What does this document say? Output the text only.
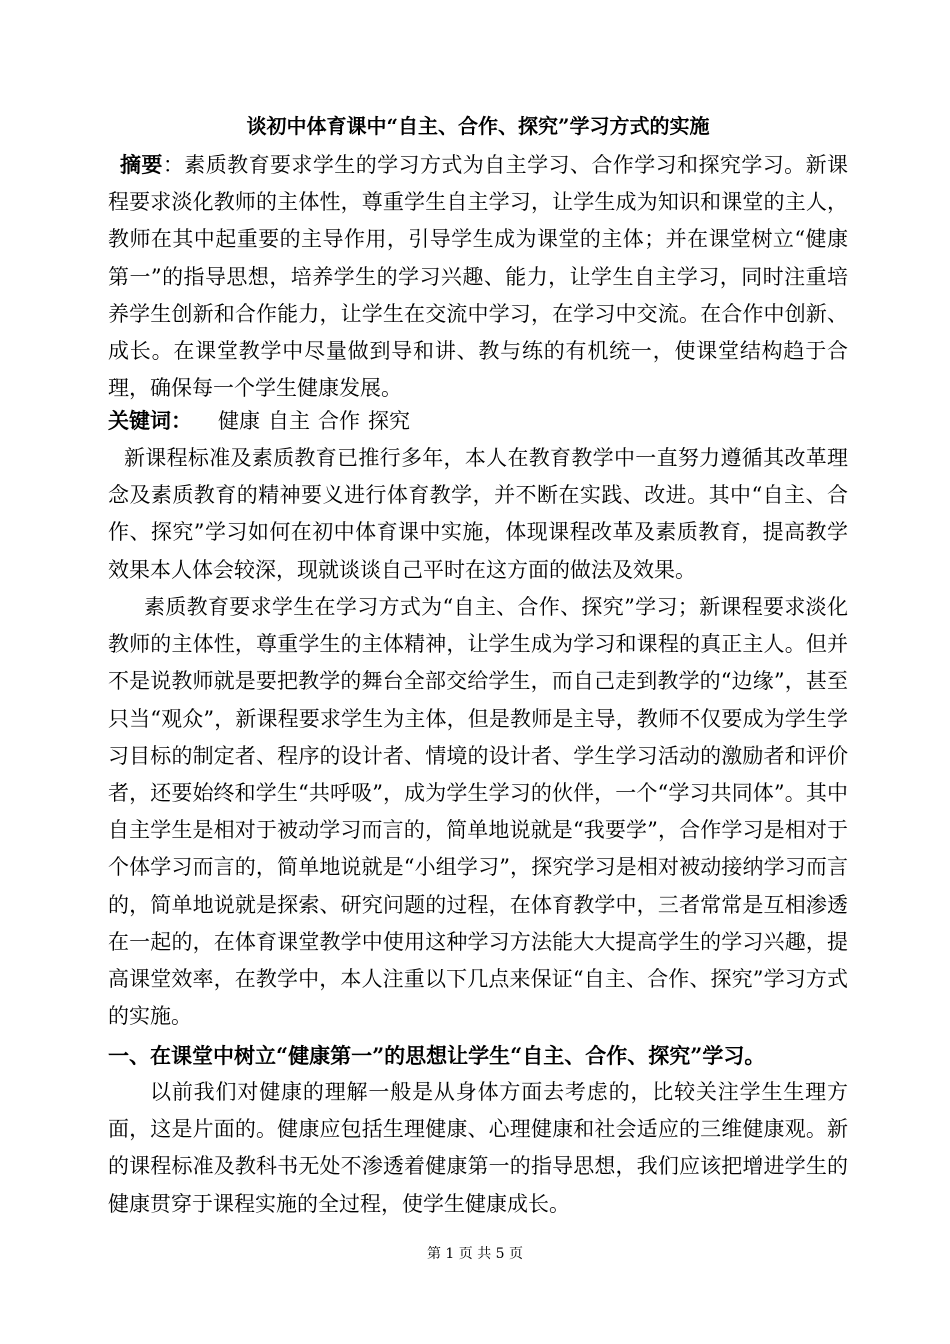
谈初中体育课中“自主、合作、探究”学习方式的实施
摘要：素质教育要求学生的学习方式为自主学习、合作学习和探究学习。新课程要求淡化教师的主体性，尊重学生自主学习，让学生成为知识和课堂的主人，教师在其中起重要的主导作用，引导学生成为课堂的主体；并在课堂树立“健康第一”的指导思想，培养学生的学习兴趣、能力，让学生自主学习，同时注重培养学生创新和合作能力，让学生在交流中学习，在学习中交流。在合作中创新、成长。在课堂教学中尽量做到导和讲、教与练的有机统一，使课堂结构趋于合理，确保每一个学生健康发展。
关键词： 健康 自主 合作 探究
新课程标准及素质教育已推行多年，本人在教育教学中一直努力遵循其改革理念及素质教育的精神要义进行体育教学，并不断在实践、改进。其中“自主、合作、探究”学习如何在初中体育课中实施，体现课程改革及素质教育，提高教学效果本人体会较深，现就谈谈自己平时在这方面的做法及效果。
素质教育要求学生在学习方式为“自主、合作、探究”学习；新课程要求淡化教师的主体性，尊重学生的主体精神，让学生成为学习和课程的真正主人。但并不是说教师就是要把教学的舞台全部交给学生，而自己走到教学的“边缘”，甚至只当“观众”，新课程要求学生为主体，但是教师是主导，教师不仅要成为学生学习目标的制定者、程序的设计者、情境的设计者、学生学习活动的激励者和评价者，还要始终和学生“共呼吸”，成为学生学习的伙伴，一个“学习共同体”。其中自主学生是相对于被动学习而言的，简单地说就是“我要学”，合作学习是相对于个体学习而言的，简单地说就是“小组学习”，探究学习是相对被动接纳学习而言的，简单地说就是探索、研究问题的过程，在体育教学中，三者常常是互相渗透在一起的，在体育课堂教学中使用这种学习方法能大大提高学生的学习兴趣，提高课堂效率，在教学中，本人注重以下几点来保证“自主、合作、探究”学习方式的实施。
一、在课堂中树立“健康第一”的思想让学生“自主、合作、探究”学习。
以前我们对健康的理解一般是从身体方面去考虑的，比较关注学生生理方面，这是片面的。健康应包括生理健康、心理健康和社会适应的三维健康观。新的课程标准及教科书无处不渗透着健康第一的指导思想，我们应该把增进学生的健康贯穿于课程实施的全过程，使学生健康成长。
第 1 页 共 5 页
